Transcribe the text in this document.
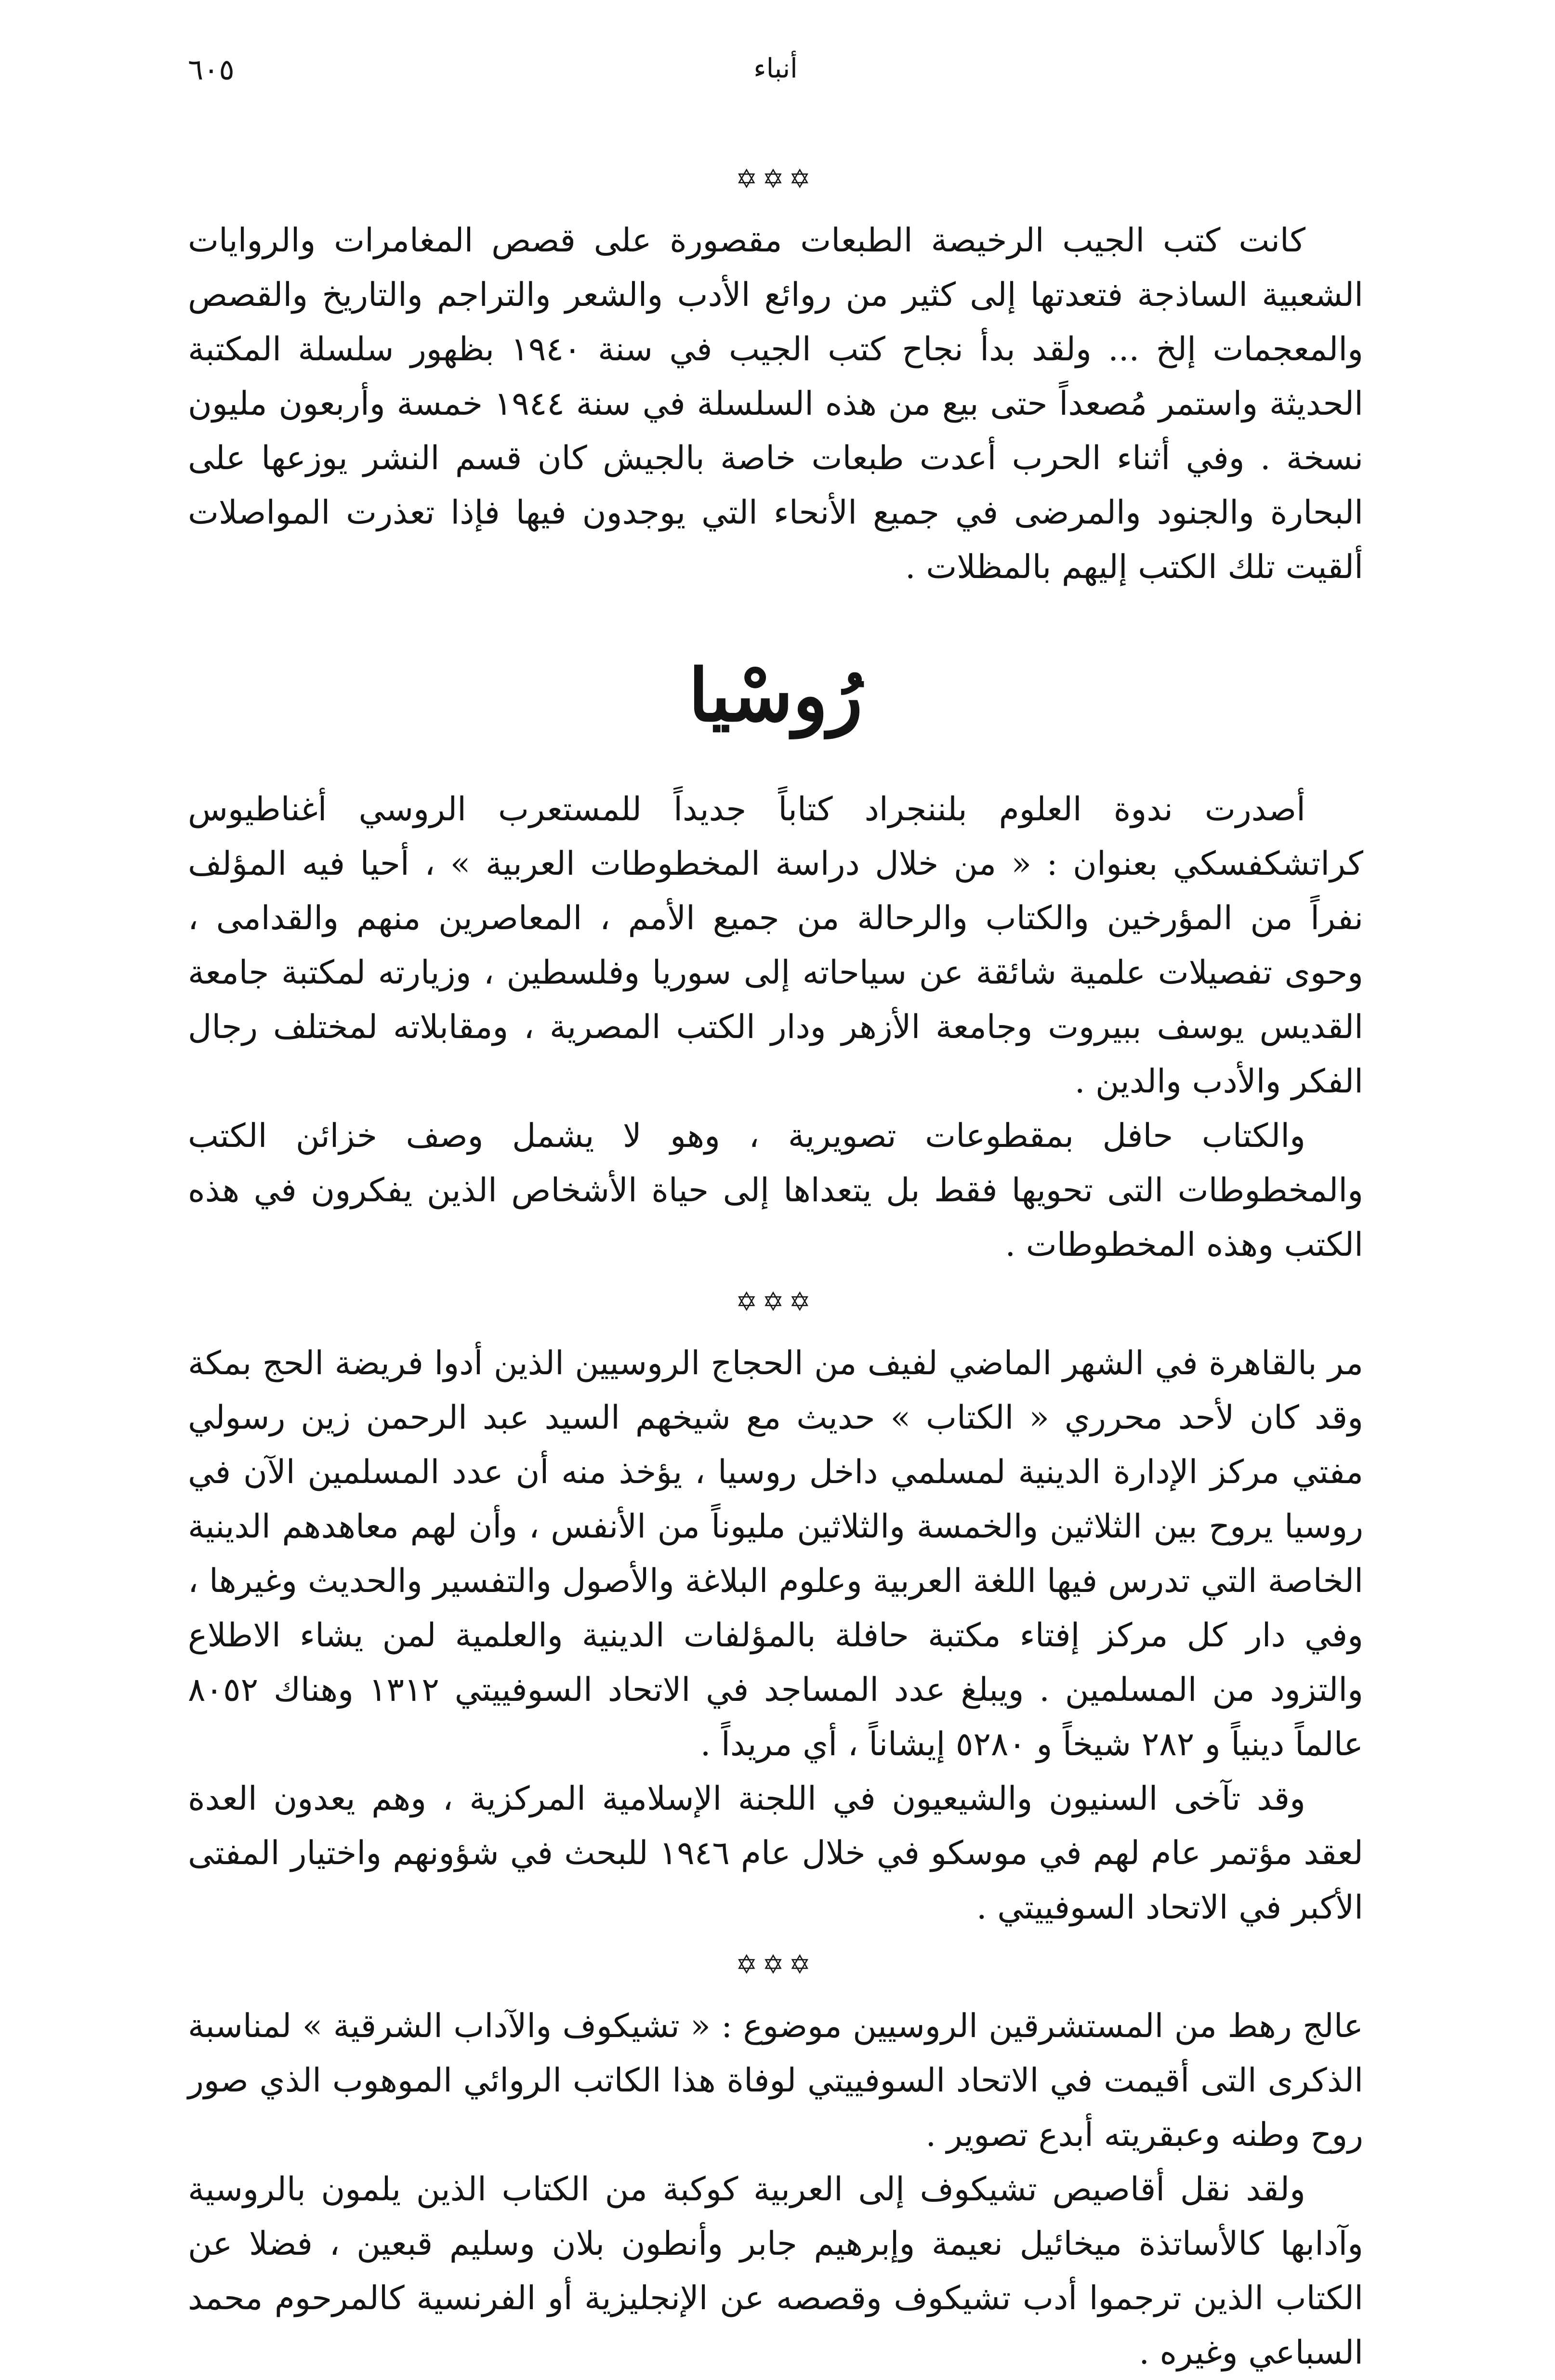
أنباء
٦٠٥
✡✡✡

كانت كتب الجيب الرخيصة الطبعات مقصورة على قصص المغامرات والروايات الشعبية الساذجة فتعدتها إلى كثير من روائع الأدب والشعر والتراجم والتاريخ والقصص والمعجمات إلخ ... ولقد بدأ نجاح كتب الجيب في سنة ١٩٤٠ بظهور سلسلة المكتبة الحديثة واستمر مُصعداً حتى بيع من هذه السلسلة في سنة ١٩٤٤ خمسة وأربعون مليون نسخة . وفي أثناء الحرب أعدت طبعات خاصة بالجيش كان قسم النشر يوزعها على البحارة والجنود والمرضى في جميع الأنحاء التي يوجدون فيها فإذا تعذرت المواصلات ألقيت تلك الكتب إليهم بالمظلات .

رُوسْيا

أصدرت ندوة العلوم بلننجراد كتاباً جديداً للمستعرب الروسي أغناطيوس كراتشكفسكي بعنوان : « من خلال دراسة المخطوطات العربية » ، أحيا فيه المؤلف نفراً من المؤرخين والكتاب والرحالة من جميع الأمم ، المعاصرين منهم والقدامى ، وحوى تفصيلات علمية شائقة عن سياحاته إلى سوريا وفلسطين ، وزيارته لمكتبة جامعة القديس يوسف ببيروت وجامعة الأزهر ودار الكتب المصرية ، ومقابلاته لمختلف رجال الفكر والأدب والدين .

والكتاب حافل بمقطوعات تصويرية ، وهو لا يشمل وصف خزائن الكتب والمخطوطات التى تحويها فقط بل يتعداها إلى حياة الأشخاص الذين يفكرون في هذه الكتب وهذه المخطوطات .

✡✡✡

مر بالقاهرة في الشهر الماضي لفيف من الحجاج الروسيين الذين أدوا فريضة الحج بمكة وقد كان لأحد محرري « الكتاب » حديث مع شيخهم السيد عبد الرحمن زين رسولي مفتي مركز الإدارة الدينية لمسلمي داخل روسيا ، يؤخذ منه أن عدد المسلمين الآن في روسيا يروح بين الثلاثين والخمسة والثلاثين مليوناً من الأنفس ، وأن لهم معاهدهم الدينية الخاصة التي تدرس فيها اللغة العربية وعلوم البلاغة والأصول والتفسير والحديث وغيرها ، وفي دار كل مركز إفتاء مكتبة حافلة بالمؤلفات الدينية والعلمية لمن يشاء الاطلاع والتزود من المسلمين . ويبلغ عدد المساجد في الاتحاد السوفييتي ١٣١٢ وهناك ٨٠٥٢ عالماً دينياً و ٢٨٢ شيخاً و ٥٢٨٠ إيشاناً ، أي مريداً .

وقد تآخى السنيون والشيعيون في اللجنة الإسلامية المركزية ، وهم يعدون العدة لعقد مؤتمر عام لهم في موسكو في خلال عام ١٩٤٦ للبحث في شؤونهم واختيار المفتى الأكبر في الاتحاد السوفييتي .

✡✡✡

عالج رهط من المستشرقين الروسيين موضوع : « تشيكوف والآداب الشرقية » لمناسبة الذكرى التى أقيمت في الاتحاد السوفييتي لوفاة هذا الكاتب الروائي الموهوب الذي صور روح وطنه وعبقريته أبدع تصوير .

ولقد نقل أقاصيص تشيكوف إلى العربية كوكبة من الكتاب الذين يلمون بالروسية وآدابها كالأساتذة ميخائيل نعيمة وإبرهيم جابر وأنطون بلان وسليم قبعين ، فضلا عن الكتاب الذين ترجموا أدب تشيكوف وقصصه عن الإنجليزية أو الفرنسية كالمرحوم محمد السباعي وغيره .
